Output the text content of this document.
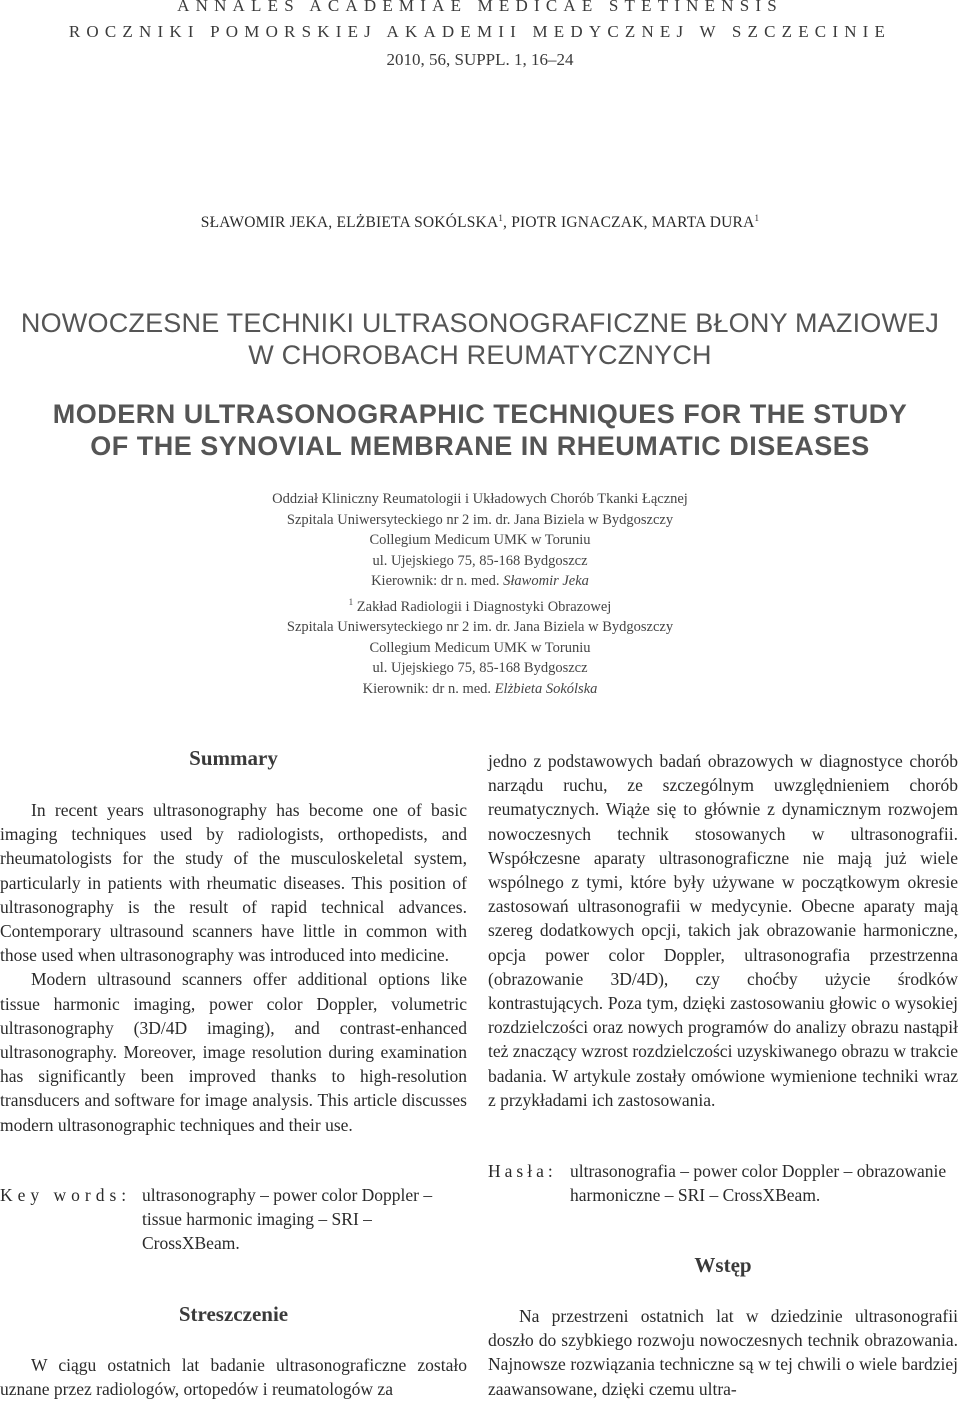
ANNALES ACADEMIAE MEDICAE STETINENSIS
ROCZNIKI POMORSKIEJ AKADEMII MEDYCZNEJ W SZCZECINIE
2010, 56, SUPPL. 1, 16–24
SŁAWOMIR JEKA, ELŻBIETA SOKÓLSKA$^1$, PIOTR IGNACZAK, MARTA DURA$^1$
NOWOCZESNE TECHNIKI ULTRASONOGRAFICZNE BŁONY MAZIOWEJ
W CHOROBACH REUMATYCZNYCH
MODERN ULTRASONOGRAPHIC TECHNIQUES FOR THE STUDY
OF THE SYNOVIAL MEMBRANE IN RHEUMATIC DISEASES
Oddział Kliniczny Reumatologii i Układowych Chorób Tkanki Łącznej
Szpitala Uniwersyteckiego nr 2 im. dr. Jana Biziela w Bydgoszczy
Collegium Medicum UMK w Toruniu
ul. Ujejskiego 75, 85-168 Bydgoszcz
Kierownik: dr n. med. Sławomir Jeka
$^1$ Zakład Radiologii i Diagnostyki Obrazowej
Szpitala Uniwersyteckiego nr 2 im. dr. Jana Biziela w Bydgoszczy
Collegium Medicum UMK w Toruniu
ul. Ujejskiego 75, 85-168 Bydgoszcz
Kierownik: dr n. med. Elżbieta Sokólska
Summary

In recent years ultrasonography has become one of basic imaging techniques used by radiologists, orthopedists, and rheumatologists for the study of the musculoskeletal system, particularly in patients with rheumatic diseases. This position of ultrasonography is the result of rapid technical advances. Contemporary ultrasound scanners have little in common with those used when ultrasonography was introduced into medicine.

Modern ultrasound scanners offer additional options like tissue harmonic imaging, power color Doppler, volumetric ultrasonography (3D/4D imaging), and contrast-enhanced ultrasonography. Moreover, image resolution during examination has significantly been improved thanks to high-resolution transducers and software for image analysis. This article discusses modern ultrasonographic techniques and their use.

Key words: ultrasonography – power color Doppler – tissue harmonic imaging – SRI – CrossXBeam.
Streszczenie

W ciągu ostatnich lat badanie ultrasonograficzne zostało uznane przez radiologów, ortopedów i reumatologów za

jedno z podstawowych badań obrazowych w diagnostyce chorób narządu ruchu, ze szczególnym uwzględnieniem chorób reumatycznych. Wiąże się to głównie z dynamicznym rozwojem nowoczesnych technik stosowanych w ultrasonografii. Współczesne aparaty ultrasonograficzne nie mają już wiele wspólnego z tymi, które były używane w początkowym okresie zastosowań ultrasonografii w medycynie. Obecne aparaty mają szereg dodatkowych opcji, takich jak obrazowanie harmoniczne, opcja power color Doppler, ultrasonografia przestrzenna (obrazowanie 3D/4D), czy choćby użycie środków kontrastujących. Poza tym, dzięki zastosowaniu głowic o wysokiej rozdzielczości oraz nowych programów do analizy obrazu nastąpił też znaczący wzrost rozdzielczości uzyskiwanego obrazu w trakcie badania. W artykule zostały omówione wymienione techniki wraz z przykładami ich zastosowania.

Hasła: ultrasonografia – power color Doppler – obrazowanie harmoniczne – SRI – CrossXBeam.
Wstęp

Na przestrzeni ostatnich lat w dziedzinie ultrasonografii doszło do szybkiego rozwoju nowoczesnych technik obrazowania. Najnowsze rozwiązania techniczne są w tej chwili o wiele bardziej zaawansowane, dzięki czemu ultra-
